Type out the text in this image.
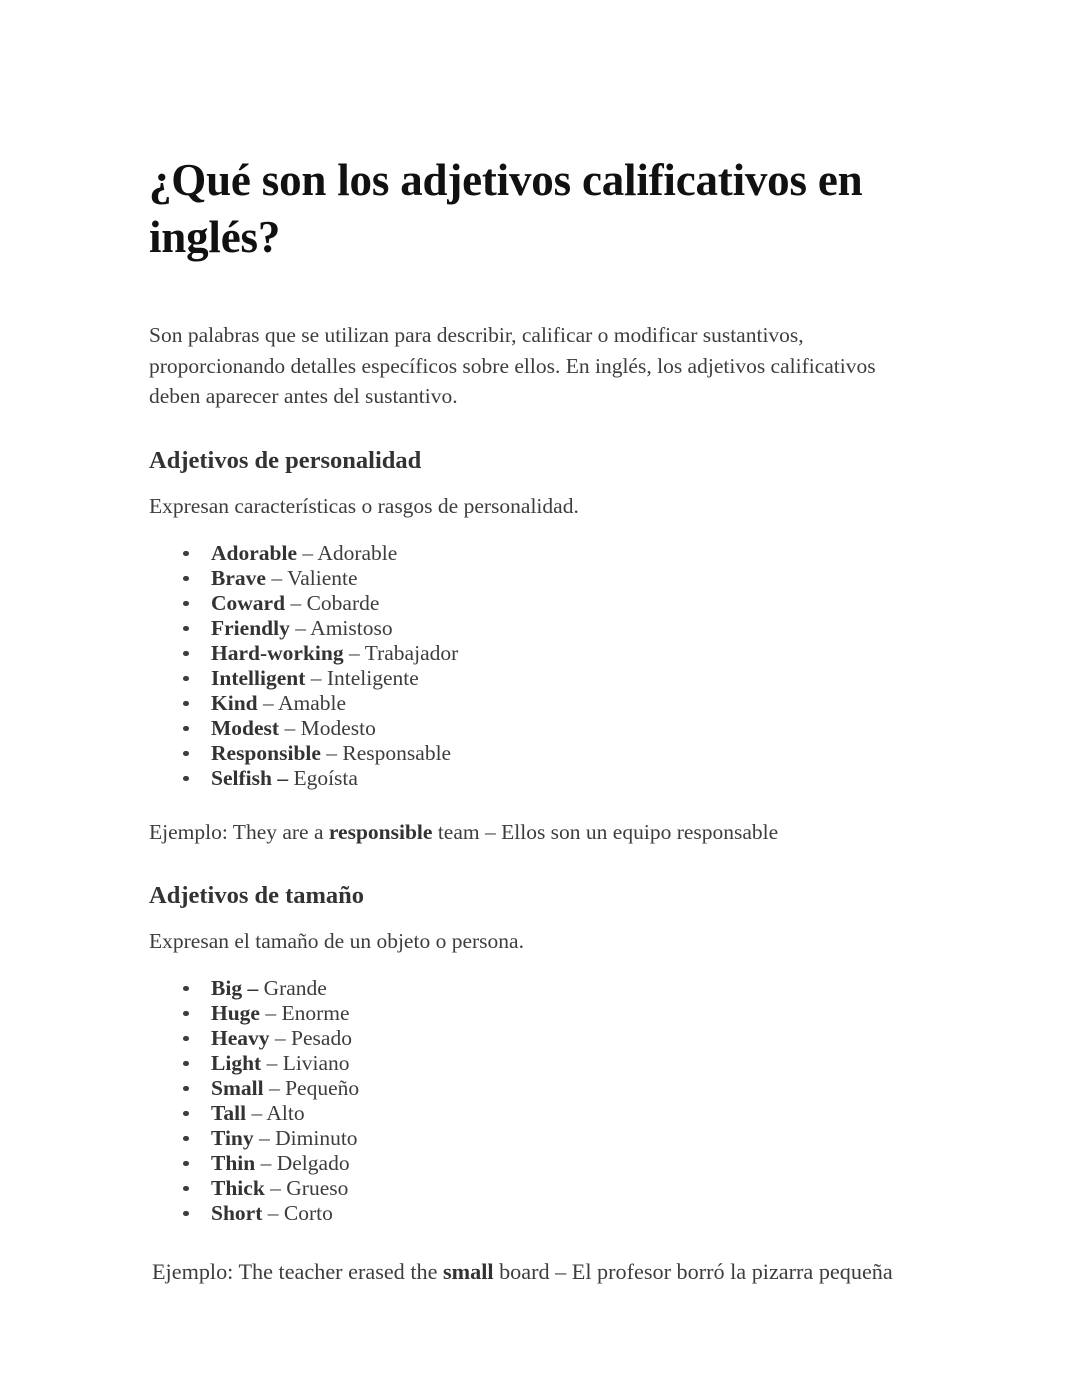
¿Qué son los adjetivos calificativos en inglés?

Son palabras que se utilizan para describir, calificar o modificar sustantivos, proporcionando detalles específicos sobre ellos. En inglés, los adjetivos calificativos deben aparecer antes del sustantivo.

Adjetivos de personalidad

Expresan características o rasgos de personalidad.

Adorable – Adorable
Brave – Valiente
Coward – Cobarde
Friendly – Amistoso
Hard-working – Trabajador
Intelligent – Inteligente
Kind – Amable
Modest – Modesto
Responsible – Responsable
Selfish – Egoísta

Ejemplo: They are a responsible team – Ellos son un equipo responsable

Adjetivos de tamaño

Expresan el tamaño de un objeto o persona.

Big – Grande
Huge – Enorme
Heavy – Pesado
Light – Liviano
Small – Pequeño
Tall – Alto
Tiny – Diminuto
Thin – Delgado
Thick – Grueso
Short – Corto

Ejemplo: The teacher erased the small board – El profesor borró la pizarra pequeña
